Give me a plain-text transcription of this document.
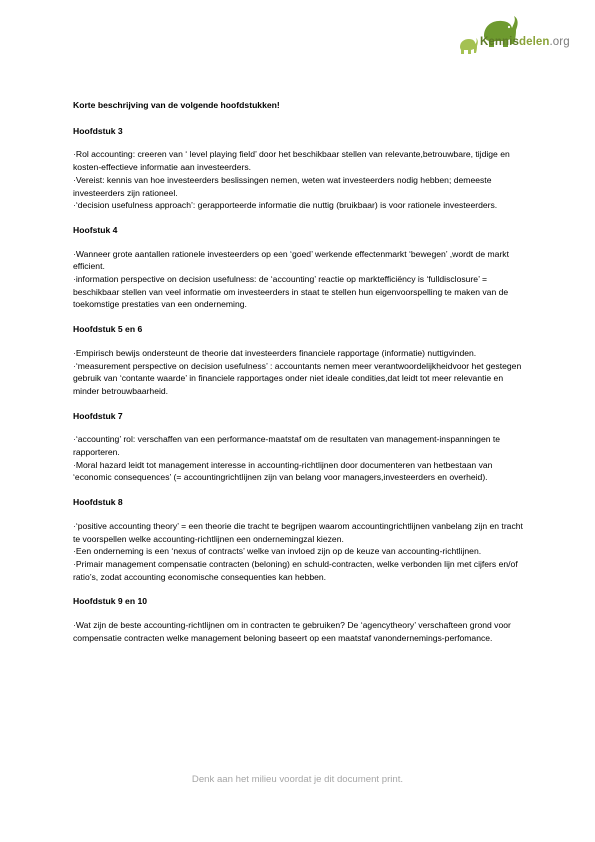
Kennisdelen.org

Korte beschrijving van de volgende hoofdstukken!

Hoofdstuk 3

·Rol accounting: creeren van ‘ level playing field’ door het beschikbaar stellen van relevante,betrouwbare, tijdige en kosten-effectieve informatie aan investeerders.

·Vereist: kennis van hoe investeerders beslissingen nemen, weten wat investeerders nodig hebben; demeeste investeerders zijn rationeel.

·‘decision usefulness approach’: gerapporteerde informatie die nuttig (bruikbaar) is voor rationele investeerders.

Hoofstuk 4

·Wanneer grote aantallen rationele investeerders op een ‘goed’ werkende effectenmarkt ‘bewegen’ ,wordt de markt efficient.

·information perspective on decision usefulness: de ‘accounting’ reactie op marktefficiëncy is ‘fulldisclosure’ = beschikbaar stellen van veel informatie om investeerders in staat te stellen hun eigenvoorspelling te maken van de toekomstige prestaties van een onderneming.

Hoofdstuk 5 en 6

·Empirisch bewijs ondersteunt de theorie dat investeerders financiele rapportage (informatie) nuttigvinden.

·‘measurement perspective on decision usefulness’ : accountants nemen meer verantwoordelijkheidvoor het gestegen gebruik van ‘contante waarde’ in financiele rapportages onder niet ideale condities,dat leidt tot meer relevantie en minder betrouwbaarheid.

Hoofdstuk 7

·‘accounting’ rol: verschaffen van een performance-maatstaf om de resultaten van management-inspanningen te rapporteren.

·Moral hazard leidt tot management interesse in accounting-richtlijnen door documenteren van hetbestaan van ‘economic consequences’ (= accountingrichtlijnen zijn van belang voor managers,investeerders en overheid).

Hoofdstuk 8

·‘positive accounting theory’ = een theorie die tracht te begrijpen waarom accountingrichtlijnen vanbelang zijn en tracht te voorspellen welke accounting-richtlijnen een ondernemingzal kiezen.

·Een onderneming is een ‘nexus of contracts’ welke van invloed zijn op de keuze van accounting-richtlijnen.

·Primair management compensatie contracten (beloning) en schuld-contracten, welke verbonden lijn met cijfers en/of ratio’s, zodat accounting economische consequenties kan hebben.

Hoofdstuk 9 en 10

·Wat zijn de beste accounting-richtlijnen om in contracten te gebruiken? De ‘agencytheory’ verschafteen grond voor compensatie contracten welke management beloning baseert op een maatstaf vanondernemings-perfomance.

Denk aan het milieu voordat je dit document print.
